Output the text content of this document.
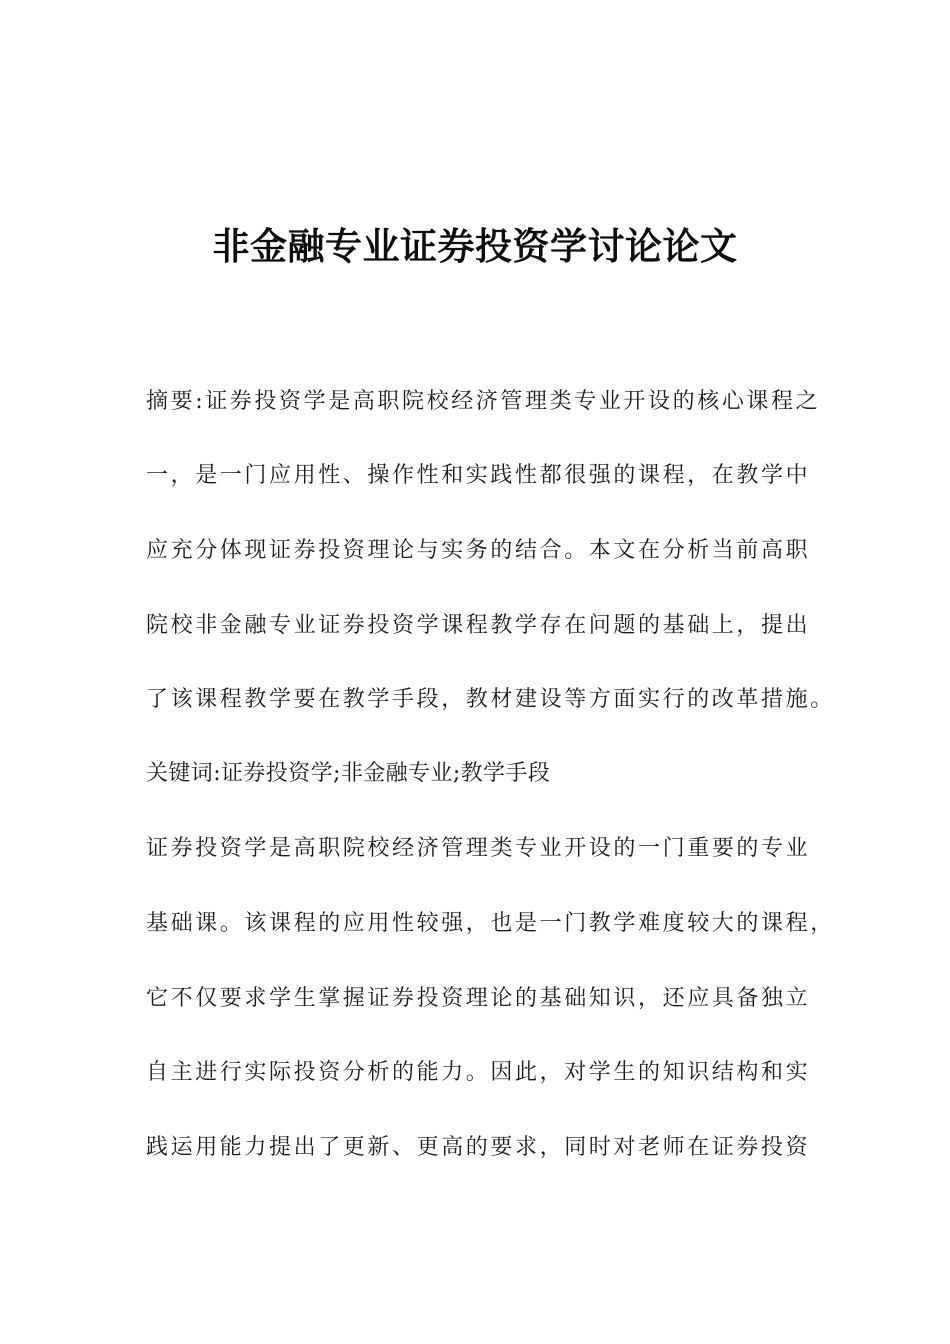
非金融专业证券投资学讨论论文
摘要:证券投资学是高职院校经济管理类专业开设的核心课程之
一，是一门应用性、操作性和实践性都很强的课程，在教学中
应充分体现证券投资理论与实务的结合。本文在分析当前高职
院校非金融专业证券投资学课程教学存在问题的基础上，提出
了该课程教学要在教学手段，教材建设等方面实行的改革措施。
关键词:证券投资学;非金融专业;教学手段
证券投资学是高职院校经济管理类专业开设的一门重要的专业
基础课。该课程的应用性较强，也是一门教学难度较大的课程，
它不仅要求学生掌握证券投资理论的基础知识，还应具备独立
自主进行实际投资分析的能力。因此，对学生的知识结构和实
践运用能力提出了更新、更高的要求，同时对老师在证券投资
